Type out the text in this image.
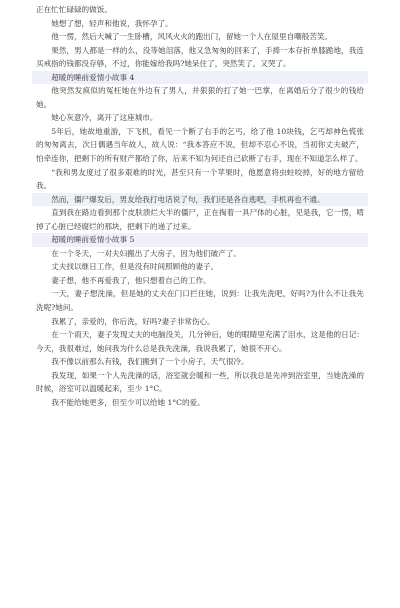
正在忙忙碌碌的做饭。

她想了想，轻声和他说，我怀孕了。

他一愣，然后大喊了一生卧槽，风风火火的跑出门，留她一个人在屋里自嘲般苦笑。

果然，男人都是一样的么，没等她泪落，他又急匆匆的回来了，手捧一本存折单膝跪地，我连买戒指的钱都没存够，不过，你能嫁给我吗?她呆住了，突然笑了，又哭了。

超暖的睡前爱情小故事 4

他突然发疯似的冤枉她在外边有了男人，并狠狠的打了她一巴掌，在离婚后分了很少的钱给她。

她心灰意冷，离开了这座城市。

5年后，她故地重游，下飞机，看见一个断了右手的乞丐，给了他 10块钱，乞丐却神色慌张的匆匆离去，次日偶遇当年故人，故人说：“我本答应不说，但却不忍心不说，当初你丈夫破产，怕牵连你，把剩下的所有财产都给了你，后来不知为何还自己砍断了右手，现在不知道怎么样了。

“我和男友度过了很多艰难的时光，甚至只有一个苹果时，他愿意将虫蛀咬掉，好的地方留给我。

然而，僵尸爆发后，男友给我打电话说了句，我们还是各自逃吧，手机再也不通。

直到我在路边看到那个皮肤溃烂大半的僵尸，正在掏着一具尸体的心脏，见是我，它一愣，啃掉了心脏已经腐烂的那块，把剩下的递了过来。

超暖的睡前爱情小故事 5

在一个冬天，一对夫妇搬出了大房子，因为他们破产了。

丈夫找以继日工作，但是没有时间照顾他的妻子。

妻子想，他不再爱我了，他只想着自己的工作。

一天，妻子想洗澡，但是她的丈夫在门口拦住她，说到：让我先洗吧，好吗?为什么不让我先洗呢?她问。

我累了，亲爱的，你后洗，好吗?妻子非常伤心。

在一个雨天，妻子发现丈夫的电脑没关，几分钟后，她的眼睛里充满了泪水，这是他的日记：今天，我很难过，她问我为什么总是我先洗澡，我说我累了，她很不开心。

我不像以前那么有钱，我们搬到了一个小房子，天气很冷。

我发现，如果一个人先洗澡的话，浴室就会暖和一些，所以我总是先冲到浴室里，当她洗澡的时候，浴室可以温暖起来，至少 1°C。

我不能给她更多，但至少可以给她 1°C的爱。
